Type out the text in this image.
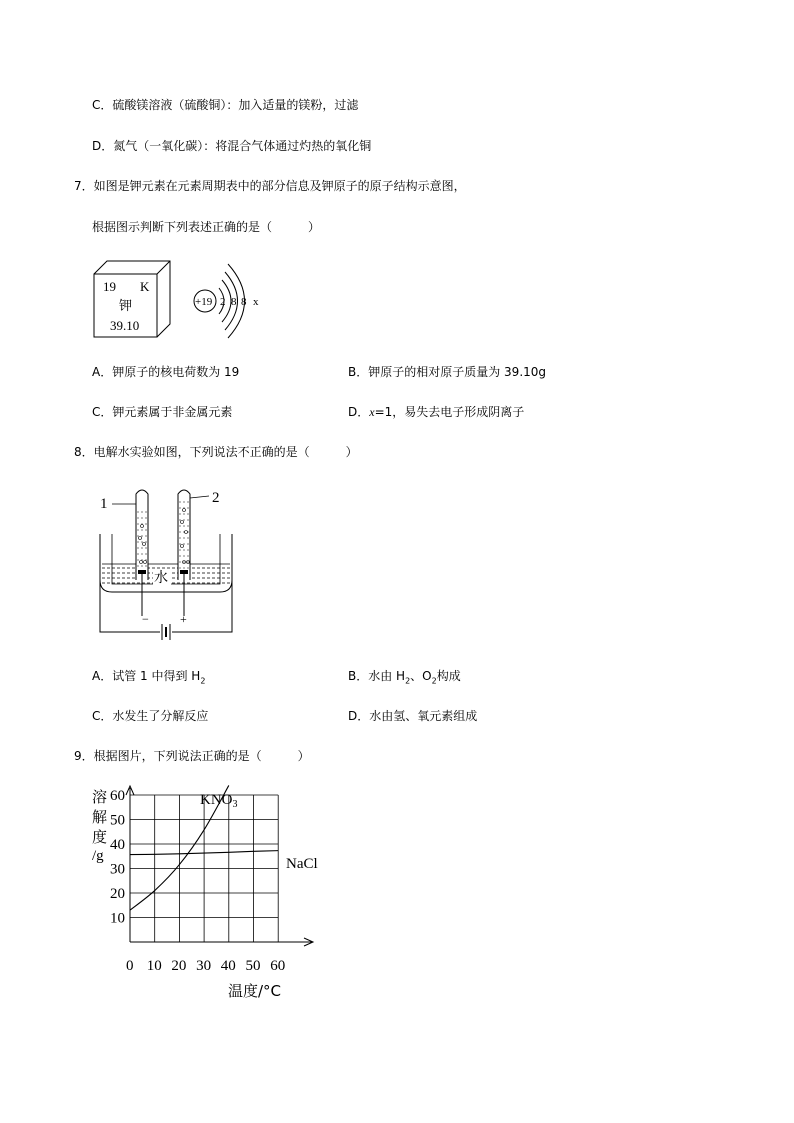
C．硫酸镁溶液（硫酸铜）：加入适量的镁粉，过滤
D．氮气（一氧化碳）：将混合气体通过灼热的氧化铜
7．如图是钾元素在元素周期表中的部分信息及钾原子的原子结构示意图，
根据图示判断下列表述正确的是（　　　）
19 K
钾
39.10
+19 2 8 8 x
A．钾原子的核电荷数为 19	B．钾原子的相对原子质量为 39.10g
C．钾元素属于非金属元素	D．x=1，易失去电子形成阴离子
8．电解水实验如图，下列说法不正确的是（　　　）
1	2
水
−	+
A．试管 1 中得到 $H_2$	B．水由 $H_2$、$O_2$构成
C．水发生了分解反应	D．水由氢、氧元素组成
9．根据图片，下列说法正确的是（　　　）
溶
解
度
/g
温度/°C
$KNO_3$
NaCl
0 10 20 30 40 50 60
10
20
30
40
50
60
